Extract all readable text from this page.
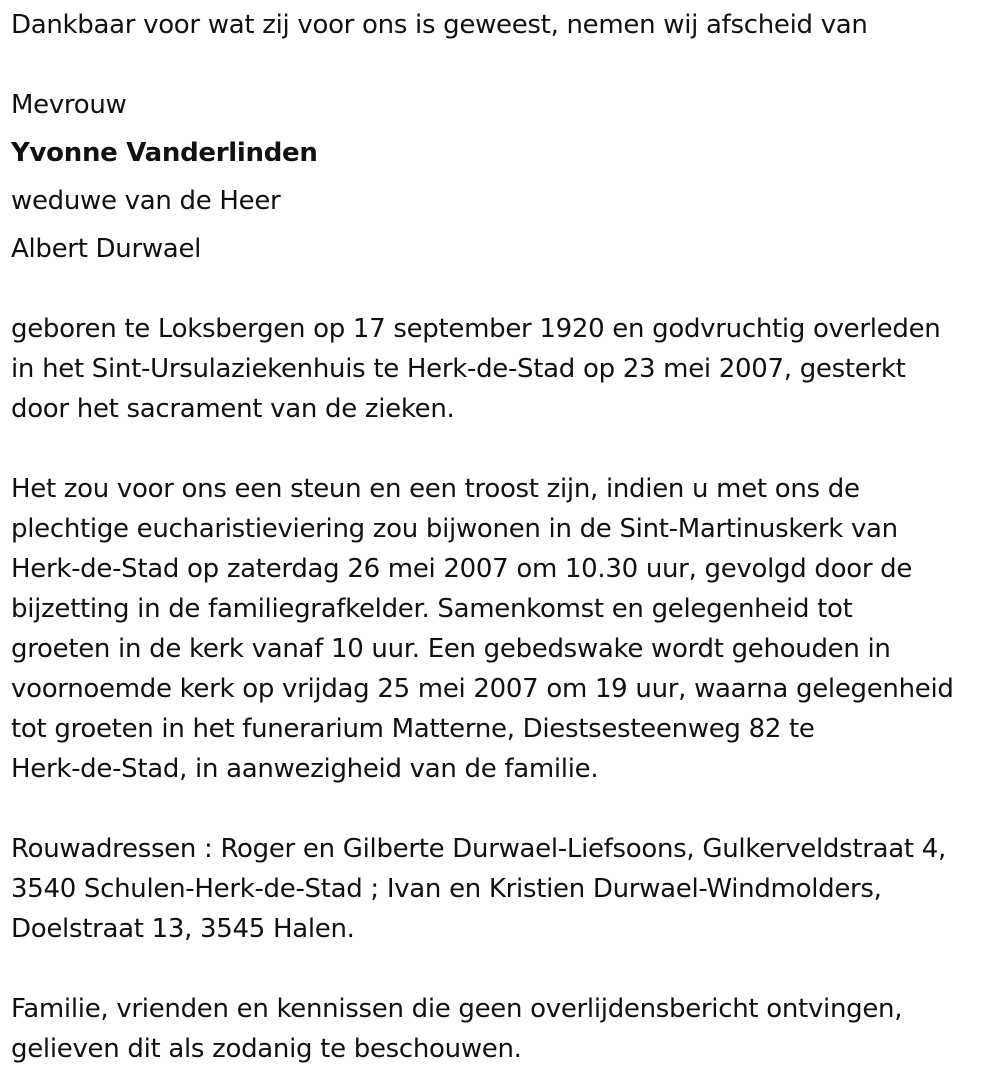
Dankbaar voor wat zij voor ons is geweest, nemen wij afscheid van
Mevrouw
Yvonne Vanderlinden
weduwe van de Heer
Albert Durwael
geboren te Loksbergen op 17 september 1920 en godvruchtig overleden
in het Sint-Ursulaziekenhuis te Herk-de-Stad op 23 mei 2007, gesterkt
door het sacrament van de zieken.
Het zou voor ons een steun en een troost zijn, indien u met ons de
plechtige eucharistieviering zou bijwonen in de Sint-Martinuskerk van
Herk-de-Stad op zaterdag 26 mei 2007 om 10.30 uur, gevolgd door de
bijzetting in de familiegrafkelder. Samenkomst en gelegenheid tot
groeten in de kerk vanaf 10 uur. Een gebedswake wordt gehouden in
voornoemde kerk op vrijdag 25 mei 2007 om 19 uur, waarna gelegenheid
tot groeten in het funerarium Matterne, Diestsesteenweg 82 te
Herk-de-Stad, in aanwezigheid van de familie.
Rouwadressen : Roger en Gilberte Durwael-Liefsoons, Gulkerveldstraat 4,
3540 Schulen-Herk-de-Stad ; Ivan en Kristien Durwael-Windmolders,
Doelstraat 13, 3545 Halen.
Familie, vrienden en kennissen die geen overlijdensbericht ontvingen,
gelieven dit als zodanig te beschouwen.
